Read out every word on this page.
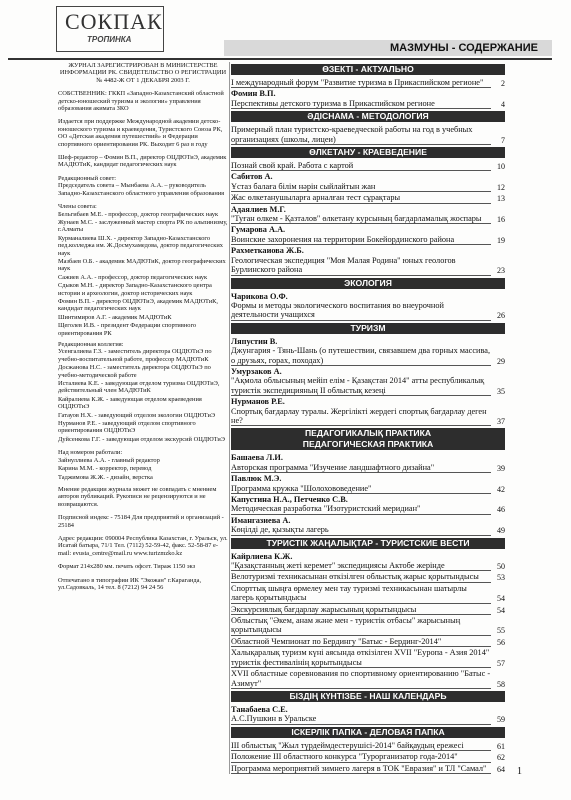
СОКПАК
ТРОПИНКА
МАЗМУНЫ - СОДЕРЖАНИЕ

ЖУРНАЛ ЗАРЕГИСТРИРОВАН В МИНИСТЕРСТВЕ ИНФОРМАЦИИ РК. СВИДЕТЕЛЬСТВО О РЕГИСТРАЦИИ № 4482-Ж ОТ 1 ДЕКАБРЯ 2003 Г.

СОБСТВЕННИК: ГККП «Западно-Казахстанский областной детско-юношеский туризма и экологии» управления образования акимата ЗКО

Издается при поддержке Международной академии детско-юношеского туризма и краеведения, Туристского Союза РК, ОО «Детская академия путешествий» и Федерации спортивного ориентирования РК. Выходит 6 раз в году

Шеф-редактор – Фомин В.П., директор ОЦДЮТиЭ, академик МАДЮТиК, кандидат педагогических наук

Редакционный совет:

Председатель совета – Мынбаева А.А. – руководитель Западно-Казахстанского областного управления образования

Члены совета:

Бельгибаев М.Е. - профессор, доктор географических наук

Жунаев М.С. - заслуженный мастер спорта РК по альпинизму, г.Алматы

Курманалиева Ш.Х. - директор Западно-Казахстанского пед.колледжа им. Ж.Досмухамедова, доктор педагогических наук

Мазбаев О.Б. - академик МАДЮТиК, доктор географических наук

Сажиев А.А. - профессор, доктор педагогических наук

Сдыков М.Н. - директор Западно-Казахстанского центра истории и археологии, доктор исторических наук

Фомин В.П. - директор ОЦДЮТиЭ, академик МАДЮТиК, кандидат педагогических наук

Шинтимиров А.Г. - академик МАДЮТиК

Щеголев И.В. - президент Федерации спортивного ориентирования РК

Редакционная коллегия:

Усенгалиева Г.З. - заместитель директора ОЦДЮТиЭ по учебно-воспитательной работе, профессор МАДЮТиК

Досжанова Н.С. - заместитель директора ОЦДЮТиЭ по учебно-методической работе

Исталиева К.Е. - заведующая отделом туризма ОЦДЮТиЭ, действительный член МАДЮТиК

Кайралиева К.Ж. - заведующая отделом краеведения ОЦДЮТиЭ

Гатауов Н.Х. - заведующий отделом экологии ОЦДЮТиЭ

Нурманов Р.Е. - заведующий отделом спортивного ориентирования ОЦДЮТиЭ

Дуйсенкова Г.Г. - заведующая отделом экскурсий ОЦДЮТиЭ

Над номером работали:

Зайнуллиева А.А. - главный редактор

Карина М.М. - корректор, перевод

Таджимова Ж.Ж. - дизайн, верстка

Мнение редакции журнала может не совпадать с мнением авторов публикаций. Рукописи не рецензируются и не возвращаются.

Подписной индекс - 75184 Для предприятий и организаций - 25184

Адрес редакции: 090004 Республика Казахстан, г. Уральск, ул. Исатай батыра, 71/1 Тел. (7112) 52-59-42, факс. 52-58-87 e-mail: evusta_centre@mail.ru www.turizmzko.kz

Формат 214х280 мм. печать офсет. Тираж 1150 экз

Отпечатано в типографии ИК "Экожан" г.Караганда, ул.Садовкаль, 14 тел. 8 (7212) 94 24 56

ӨЗЕКТІ - АКТУАЛЬНО
I международный форум "Развитие туризма в Прикаспийском регионе"	2
Фомин В.П.
Перспективы детского туризма в Прикаспийском регионе	4
ӘДІСНАМА - МЕТОДОЛОГИЯ
Примерный план туристско-краеведческой работы на год в учебных организациях (школы, лицеи)	7
ӨЛКЕТАНУ - КРАЕВЕДЕНИЕ
Познай свой край. Работа с картой	10
Сабитов А.
Ұстаз балаға білім нәрін сыйлайтын жан	12
Жас өлкетанушыларға арналған тест сұрақтары	13
Адаялиев М.Г.
"Туған өлкем - Қазталов" өлкетану курсының бағдарламалық жоспары	16
Гумарова А.А.
Воинские захоронения на территории Бокейординского района	19
Рахметкаиова Ж.Б.
Геологическая экспедиция "Моя Малая Родина" юных геологов Бурлинского района	23
ЭКОЛОГИЯ
Чарикова О.Ф.
Формы и методы экологического воспитания во внеурочной деятельности учащихся	26
ТУРИЗМ
Ляпустин В.
Джунгария - Тянь-Шань (о путешествии, связавшем два горных массива, о друзьях, горах, походах)	29
Умурзаков А.
"Ақмола облысының мейіп елім - Қазақстан 2014" атты республикалық туристік экспедицияның II облыстық кезеңі	35
Нурманов Р.Е.
Спортық бағдарлау туралы. Жергілікті жердегі спортық бағдарлау деген не?	37
ПЕДАГОГИКАЛЫҚ ПРАКТИКА
ПЕДАГОГИЧЕСКАЯ ПРАКТИКА
Башаева Л.И.
Авторская программа "Изучение ландшафтного дизайна"	39
Павлюк М.Э.
Программа кружка "Шолохововедение"	42
Капустина Н.А., Петченко С.В.
Методическая разработка "Изотуристский меридиан"	46
Имангазиева А.
Көңілді де, қызықты лагерь	49
ТУРИСТІК ЖАҢАЛЫҚТАР - ТУРИСТСКИЕ ВЕСТИ
Кайрлиева К.Ж.
"Қазақстанның жеті керемет" экспедициясы Актобе жерінде	50
Велотуризмі техникасынан өткізілген облыстық жарыс қорытындысы	53
Спорттық шыңға өрмелеу мен тау туризмі техникасынан шатырлы лагерь қорытындысы	54
Экскурсиялық бағдарлау жарысының қорытындысы	54
Облыстық "Әкем, анам және мен - туристік отбасы" жарысының қорытындысы	55
Областной Чемпионат по Бердингу "Батыс - Бердинг-2014"	56
Халықаралық туризм күні аясында өткізілген XVII "Еуропа - Азия 2014" туристік фестивалінің қорытындысы	57
XVII областные соревнования по спортивному ориентированию "Батыс - Азимут"	58
БІЗДІҢ КҮНТІЗБЕ - НАШ КАЛЕНДАРЬ
Танабаева С.Е.
А.С.Пушкин в Уральске	59
ІСКЕРЛІК ПАПКА - ДЕЛОВАЯ ПАПКА
III облыстық "Жыл түрдеймдестерушісі-2014" байқаудың ережесі	61
Положение III областного конкурса "Турорганизатор года-2014"	62
Программа мероприятий зимнего лагеря в ТОК "Евразия" и ТЛ "Самал"	64 1
